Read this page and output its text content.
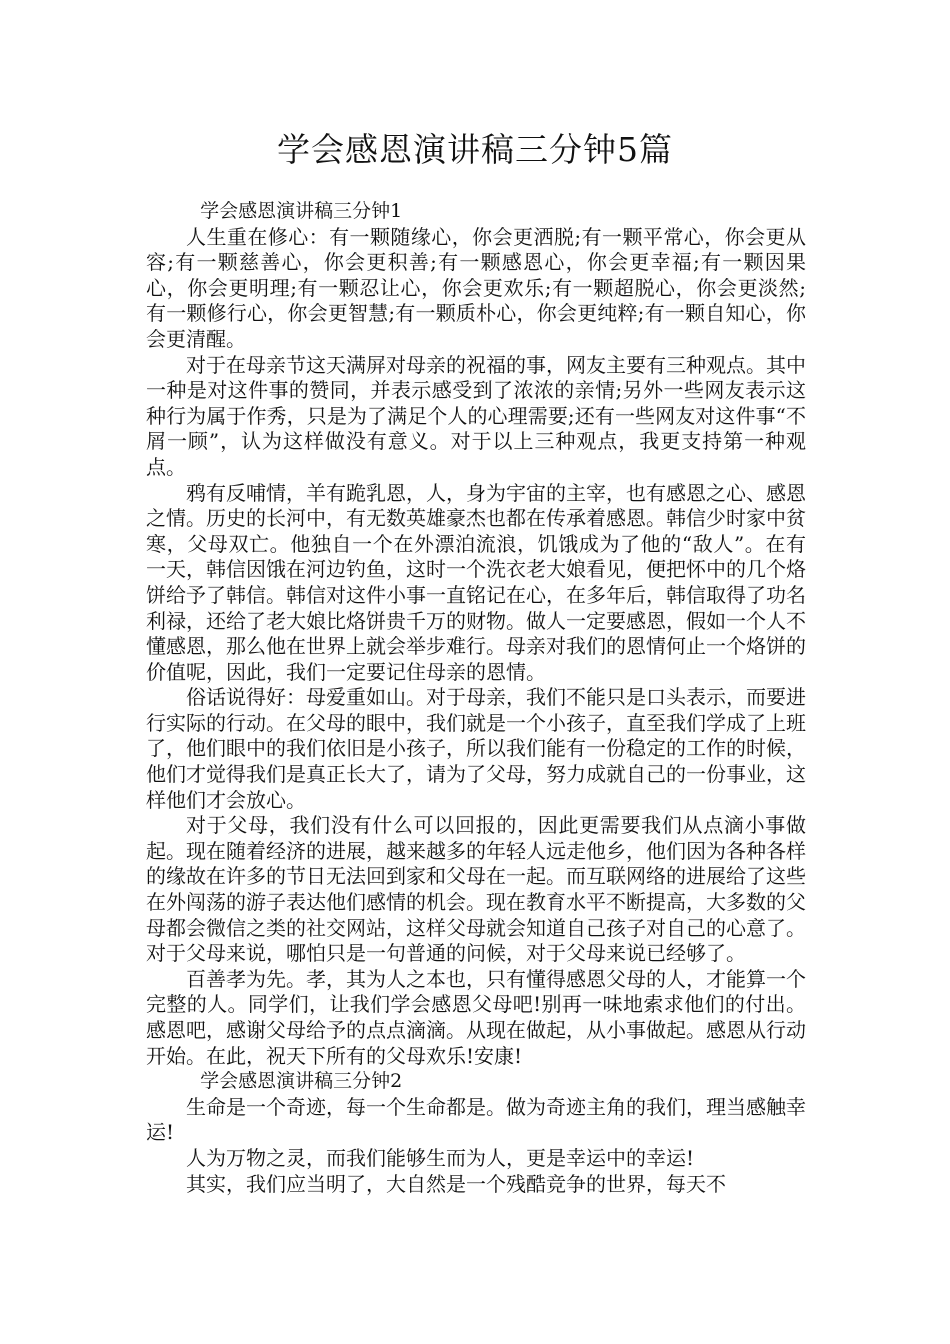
学会感恩演讲稿三分钟5篇

学会感恩演讲稿三分钟1

人生重在修心：有一颗随缘心，你会更洒脱;有一颗平常心，你会更从容;有一颗慈善心，你会更积善;有一颗感恩心，你会更幸福;有一颗因果心，你会更明理;有一颗忍让心，你会更欢乐;有一颗超脱心，你会更淡然;有一颗修行心，你会更智慧;有一颗质朴心，你会更纯粹;有一颗自知心，你会更清醒。

对于在母亲节这天满屏对母亲的祝福的事，网友主要有三种观点。其中一种是对这件事的赞同，并表示感受到了浓浓的亲情;另外一些网友表示这种行为属于作秀，只是为了满足个人的心理需要;还有一些网友对这件事“不屑一顾”，认为这样做没有意义。对于以上三种观点，我更支持第一种观点。

鸦有反哺情，羊有跪乳恩，人，身为宇宙的主宰，也有感恩之心、感恩之情。历史的长河中，有无数英雄豪杰也都在传承着感恩。韩信少时家中贫寒，父母双亡。他独自一个在外漂泊流浪，饥饿成为了他的“敌人”。在有一天，韩信因饿在河边钓鱼，这时一个洗衣老大娘看见，便把怀中的几个烙饼给予了韩信。韩信对这件小事一直铭记在心，在多年后，韩信取得了功名利禄，还给了老大娘比烙饼贵千万的财物。做人一定要感恩，假如一个人不懂感恩，那么他在世界上就会举步难行。母亲对我们的恩情何止一个烙饼的价值呢，因此，我们一定要记住母亲的恩情。

俗话说得好：母爱重如山。对于母亲，我们不能只是口头表示，而要进行实际的行动。在父母的眼中，我们就是一个小孩子，直至我们学成了上班了，他们眼中的我们依旧是小孩子，所以我们能有一份稳定的工作的时候，他们才觉得我们是真正长大了，请为了父母，努力成就自己的一份事业，这样他们才会放心。

对于父母，我们没有什么可以回报的，因此更需要我们从点滴小事做起。现在随着经济的进展，越来越多的年轻人远走他乡，他们因为各种各样的缘故在许多的节日无法回到家和父母在一起。而互联网络的进展给了这些在外闯荡的游子表达他们感情的机会。现在教育水平不断提高，大多数的父母都会微信之类的社交网站，这样父母就会知道自己孩子对自己的心意了。对于父母来说，哪怕只是一句普通的问候，对于父母来说已经够了。

百善孝为先。孝，其为人之本也，只有懂得感恩父母的人，才能算一个完整的人。同学们，让我们学会感恩父母吧!别再一味地索求他们的付出。感恩吧，感谢父母给予的点点滴滴。从现在做起，从小事做起。感恩从行动开始。在此，祝天下所有的父母欢乐!安康!

学会感恩演讲稿三分钟2

生命是一个奇迹，每一个生命都是。做为奇迹主角的我们，理当感触幸运!

人为万物之灵，而我们能够生而为人，更是幸运中的幸运!

其实，我们应当明了，大自然是一个残酷竞争的世界，每天不
